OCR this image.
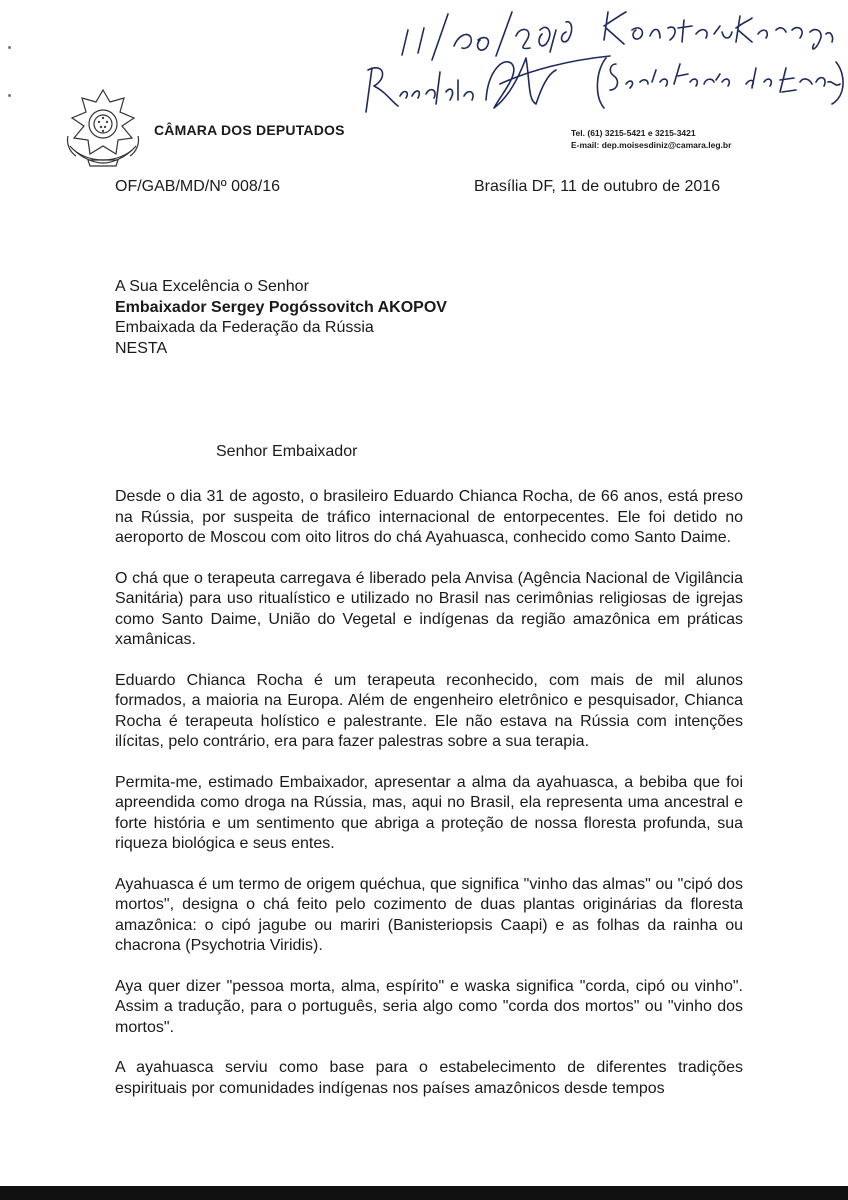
CÂMARA DOS DEPUTADOS	Tel. (61) 3215-5421 e 3215-3421
E-mail: dep.moisesdiniz@camara.leg.br
OF/GAB/MD/Nº 008/16	Brasília DF, 11 de outubro de 2016
A Sua Excelência o Senhor
Embaixador Sergey Pogóssovitch AKOPOV
Embaixada da Federação da Rússia
NESTA
Senhor Embaixador

Desde o dia 31 de agosto, o brasileiro Eduardo Chianca Rocha, de 66 anos, está preso na Rússia, por suspeita de tráfico internacional de entorpecentes. Ele foi detido no aeroporto de Moscou com oito litros do chá Ayahuasca, conhecido como Santo Daime.

O chá que o terapeuta carregava é liberado pela Anvisa (Agência Nacional de Vigilância Sanitária) para uso ritualístico e utilizado no Brasil nas cerimônias religiosas de igrejas como Santo Daime, União do Vegetal e indígenas da região amazônica em práticas xamânicas.

Eduardo Chianca Rocha é um terapeuta reconhecido, com mais de mil alunos formados, a maioria na Europa. Além de engenheiro eletrônico e pesquisador, Chianca Rocha é terapeuta holístico e palestrante. Ele não estava na Rússia com intenções ilícitas, pelo contrário, era para fazer palestras sobre a sua terapia.

Permita-me, estimado Embaixador, apresentar a alma da ayahuasca, a bebiba que foi apreendida como droga na Rússia, mas, aqui no Brasil, ela representa uma ancestral e forte história e um sentimento que abriga a proteção de nossa floresta profunda, sua riqueza biológica e seus entes.

Ayahuasca é um termo de origem quéchua, que significa "vinho das almas" ou "cipó dos mortos", designa o chá feito pelo cozimento de duas plantas originárias da floresta amazônica: o cipó jagube ou mariri (Banisteriopsis Caapi) e as folhas da rainha ou chacrona (Psychotria Viridis).

Aya quer dizer "pessoa morta, alma, espírito" e waska significa "corda, cipó ou vinho". Assim a tradução, para o português, seria algo como "corda dos mortos" ou "vinho dos mortos".

A ayahuasca serviu como base para o estabelecimento de diferentes tradições espirituais por comunidades indígenas nos países amazônicos desde tempos
